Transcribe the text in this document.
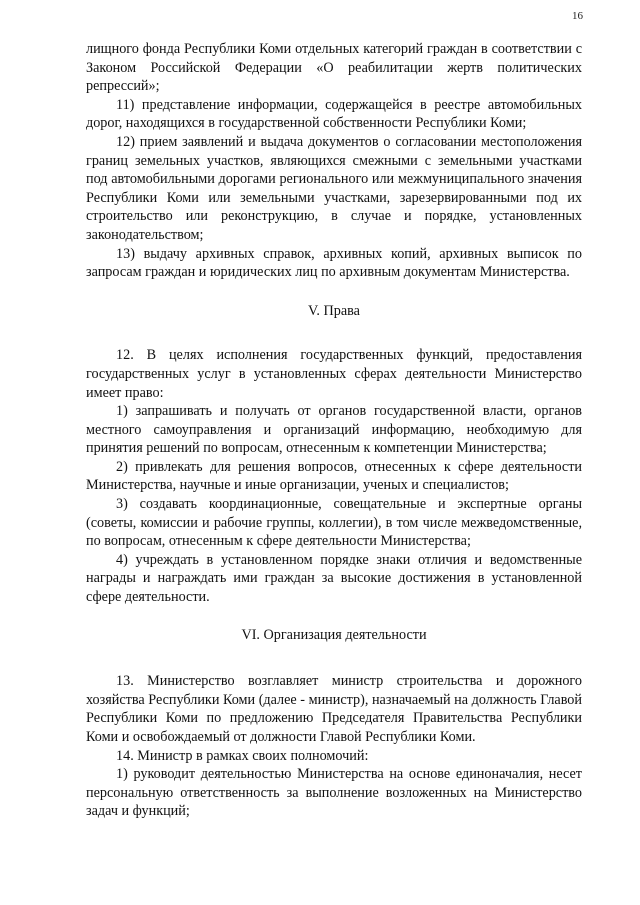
16

лищного фонда Республики Коми отдельных категорий граждан в соответствии с Законом Российской Федерации «О реабилитации жертв политических репрессий»;

11) представление информации, содержащейся в реестре автомобильных дорог, находящихся в государственной собственности Республики Коми;

12) прием заявлений и выдача документов о согласовании местоположения границ земельных участков, являющихся смежными с земельными участками под автомобильными дорогами регионального или межмуниципального значения Республики Коми или земельными участками, зарезервированными под их строительство или реконструкцию, в случае и порядке, установленных законодательством;

13) выдачу архивных справок, архивных копий, архивных выписок по запросам граждан и юридических лиц по архивным документам Министерства.

V. Права

12. В целях исполнения государственных функций, предоставления государственных услуг в установленных сферах деятельности Министерство имеет право:

1) запрашивать и получать от органов государственной власти, органов местного самоуправления и организаций информацию, необходимую для принятия решений по вопросам, отнесенным к компетенции Министерства;

2) привлекать для решения вопросов, отнесенных к сфере деятельности Министерства, научные и иные организации, ученых и специалистов;

3) создавать координационные, совещательные и экспертные органы (советы, комиссии и рабочие группы, коллегии), в том числе межведомственные, по вопросам, отнесенным к сфере деятельности Министерства;

4) учреждать в установленном порядке знаки отличия и ведомственные награды и награждать ими граждан за высокие достижения в установленной сфере деятельности.

VI. Организация деятельности

13. Министерство возглавляет министр строительства и дорожного хозяйства Республики Коми (далее - министр), назначаемый на должность Главой Республики Коми по предложению Председателя Правительства Республики Коми и освобождаемый от должности Главой Республики Коми.

14. Министр в рамках своих полномочий:

1) руководит деятельностью Министерства на основе единоначалия, несет персональную ответственность за выполнение возложенных на Министерство задач и функций;
